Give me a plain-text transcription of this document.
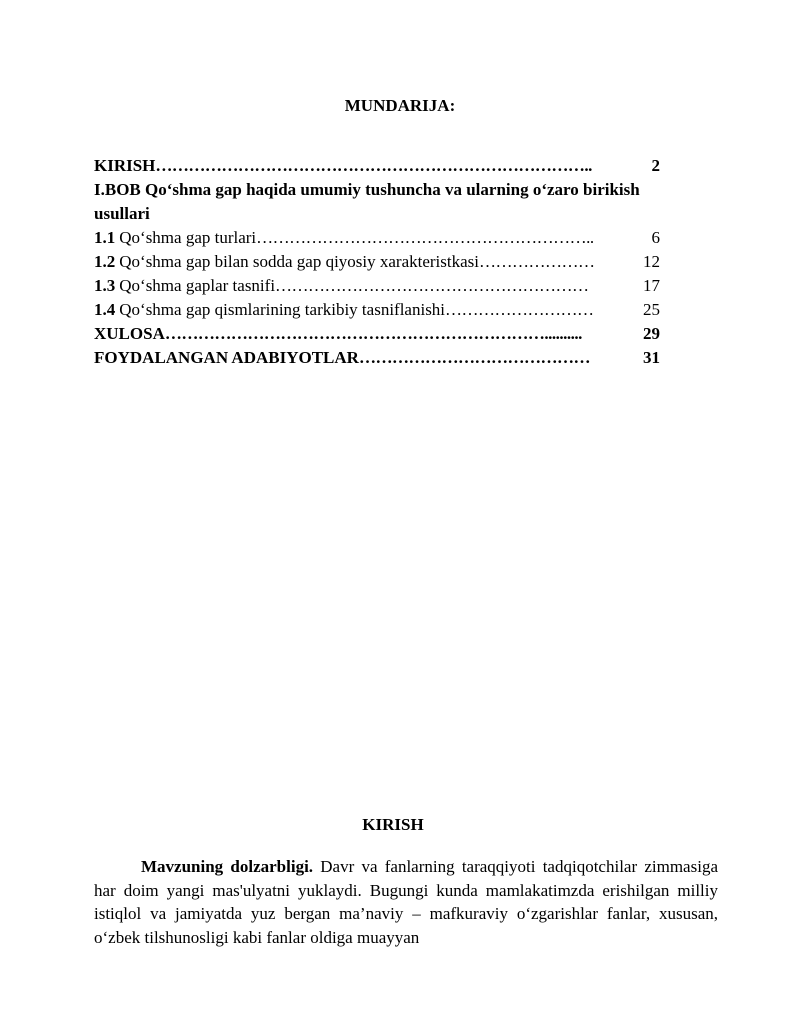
MUNDARIJA:
KIRISH ……………………………………………………………………..	2
I.BOB Qo‘shma gap haqida umumiy tushuncha va ularning o‘zaro birikish usullari
1.1 Qo‘shma gap turlari ……………………………………………………..	6
1.2 Qo‘shma gap bilan sodda gap qiyosiy xarakteristkasi …………………	12
1.3 Qo‘shma gaplar tasnifi …………………………………………………	17
1.4 Qo‘shma gap qismlarining tarkibiy tasniflanishi ………………………	25
XULOSA ……………………………………………………………..........	29
FOYDALANGAN ADABIYOTLAR ……………………………………	31
KIRISH

Mavzuning dolzarbligi. Davr va fanlarning taraqqiyoti tadqiqotchilar zimmasiga har doim yangi mas'ulyatni yuklaydi. Bugungi kunda mamlakatimzda erishilgan milliy istiqlol va jamiyatda yuz bergan ma’naviy – mafkuraviy o‘zgarishlar fanlar, xususan, o‘zbek tilshunosligi kabi fanlar oldiga muayyan
